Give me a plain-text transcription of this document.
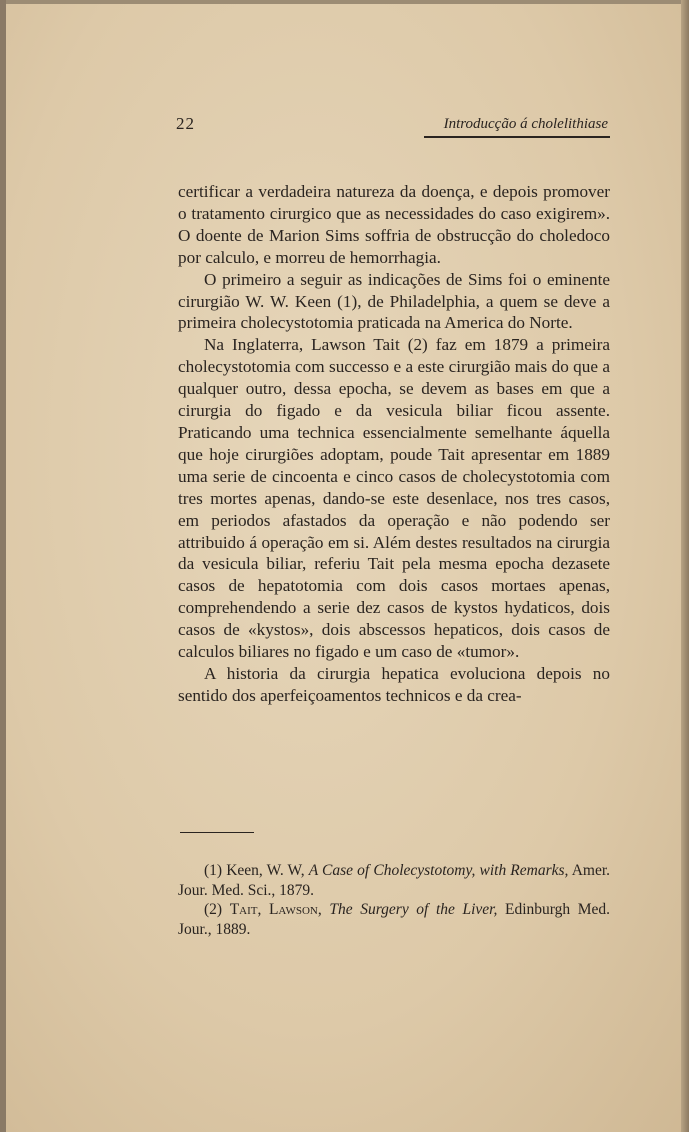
22	Introducção á cholelithiase

certificar a verdadeira natureza da doença, e depois promover o tratamento cirurgico que as necessidades do caso exigirem». O doente de Marion Sims soffria de obstrucção do choledoco por calculo, e morreu de hemorrhagia.

O primeiro a seguir as indicações de Sims foi o eminente cirurgião W. W. Keen (1), de Philadelphia, a quem se deve a primeira cholecystotomia praticada na America do Norte.

Na Inglaterra, Lawson Tait (2) faz em 1879 a primeira cholecystotomia com successo e a este cirurgião mais do que a qualquer outro, dessa epocha, se devem as bases em que a cirurgia do figado e da vesicula biliar ficou assente. Praticando uma technica essencialmente semelhante áquella que hoje cirurgiões adoptam, poude Tait apresentar em 1889 uma serie de cincoenta e cinco casos de cholecystotomia com tres mortes apenas, dando-se este desenlace, nos tres casos, em periodos afastados da operação e não podendo ser attribuido á operação em si. Além destes resultados na cirurgia da vesicula biliar, referiu Tait pela mesma epocha dezasete casos de hepatotomia com dois casos mortaes apenas, comprehendendo a serie dez casos de kystos hydaticos, dois casos de «kystos», dois abscessos hepaticos, dois casos de calculos biliares no figado e um caso de «tumor».

A historia da cirurgia hepatica evoluciona depois no sentido dos aperfeiçoamentos technicos e da crea-

(1) Keen, W. W, A Case of Cholecystotomy, with Remarks, Amer. Jour. Med. Sci., 1879.

(2) Tait, Lawson, The Surgery of the Liver, Edinburgh Med. Jour., 1889.
